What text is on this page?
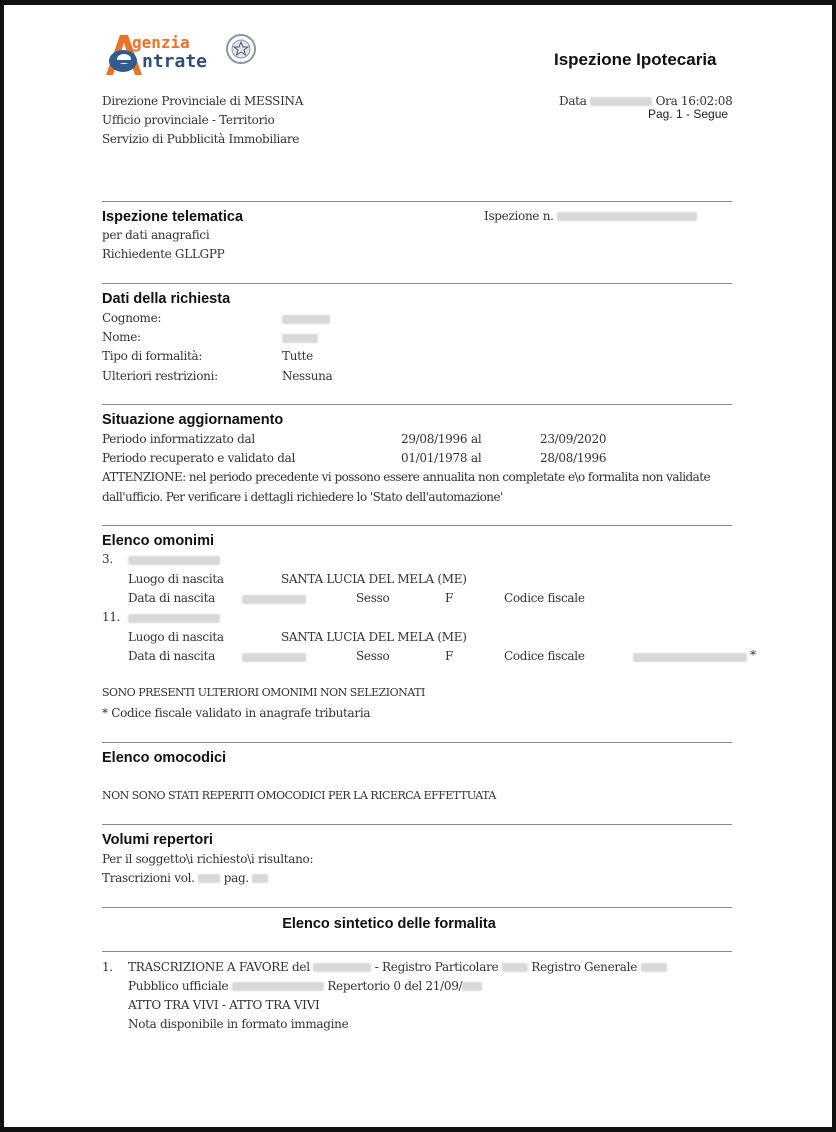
genzia
ntrate	Ispezione Ipotecaria
Direzione Provinciale di MESSINA
Ufficio provinciale - Territorio
Servizio di Pubblicità Immobiliare
Data	Ora 16:02:08
Pag. 1 - Segue
Ispezione telematica
per dati anagrafici
Richiedente GLLGPP
Ispezione n.
Dati della richiesta
Cognome:
Nome:
Tipo di formalità:	Tutte
Ulteriori restrizioni:	Nessuna
Situazione aggiornamento
Periodo informatizzato dal	29/08/1996 al	23/09/2020
Periodo recuperato e validato dal	01/01/1978 al	28/08/1996
ATTENZIONE: nel periodo precedente vi possono essere annualita non completate e\o formalita non validate
dall'ufficio. Per verificare i dettagli richiedere lo 'Stato dell'automazione'
Elenco omonimi
3.
Luogo di nascita	SANTA LUCIA DEL MELA (ME)
Data di nascita	Sesso	F	Codice fiscale
11.
Luogo di nascita	SANTA LUCIA DEL MELA (ME)
Data di nascita	Sesso	F	Codice fiscale	*
SONO PRESENTI ULTERIORI OMONIMI NON SELEZIONATI
* Codice fiscale validato in anagrafe tributaria
Elenco omocodici
NON SONO STATI REPERITI OMOCODICI PER LA RICERCA EFFETTUATA
Volumi repertori
Per il soggetto\i richiesto\i risultano:
Trascrizioni vol. pag.
Elenco sintetico delle formalita
1. TRASCRIZIONE A FAVORE del	- Registro Particolare	Registro Generale
Pubblico ufficiale	Repertorio 0 del 21/09/
ATTO TRA VIVI - ATTO TRA VIVI
Nota disponibile in formato immagine
